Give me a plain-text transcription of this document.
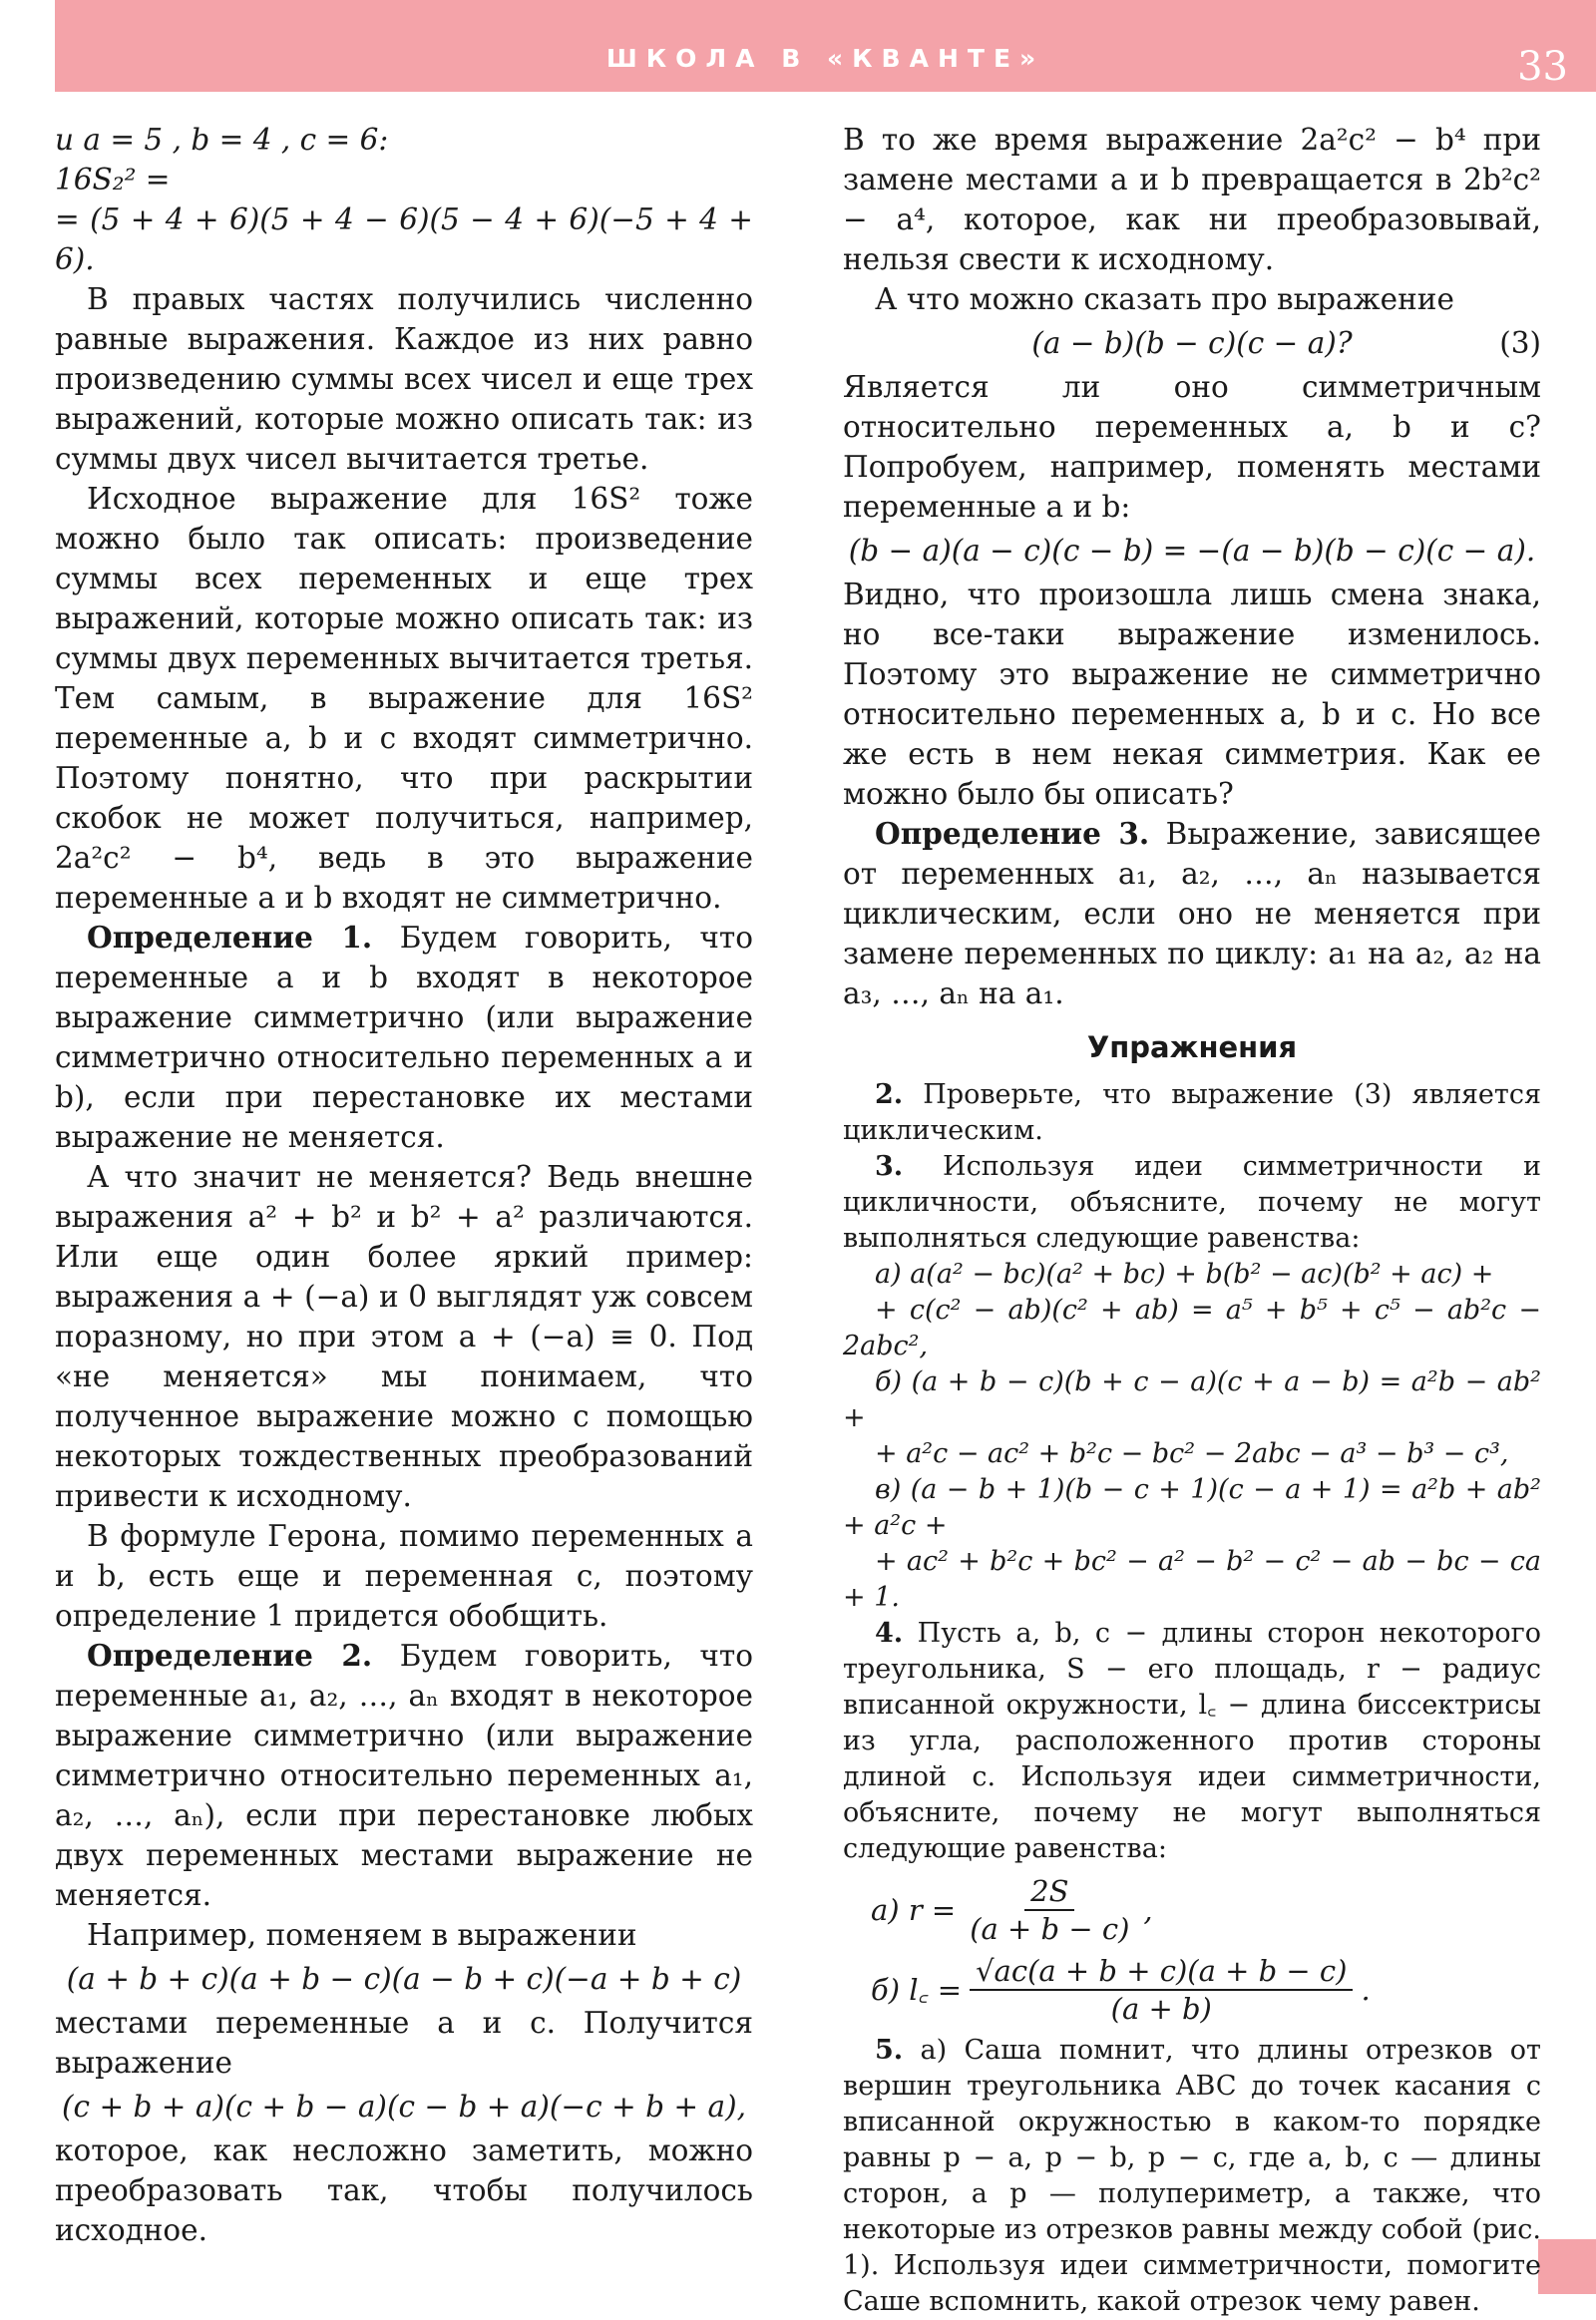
ШКОЛА В «КВАНТЕ»	33

и a = 5 , b = 4 , c = 6:

16S₂² =

= (5 + 4 + 6)(5 + 4 − 6)(5 − 4 + 6)(−5 + 4 + 6).

В правых частях получились численно равные выражения. Каждое из них равно произведению суммы всех чисел и еще трех выражений, которые можно описать так: из суммы двух чисел вычитается третье.

Исходное выражение для 16S² тоже можно было так описать: произведение суммы всех переменных и еще трех выражений, которые можно описать так: из суммы двух переменных вычитается третья. Тем самым, в выражение для 16S² переменные a, b и c входят симметрично. Поэтому понятно, что при раскрытии скобок не может получиться, например, 2a²c² − b⁴, ведь в это выражение переменные a и b входят не симметрично.

Определение 1. Будем говорить, что переменные a и b входят в некоторое выражение симметрично (или выражение симметрично относительно переменных a и b), если при перестановке их местами выражение не меняется.

А что значит не меняется? Ведь внешне выражения a² + b² и b² + a² различаются. Или еще один более яркий пример: выражения a + (−a) и 0 выглядят уж совсем поразному, но при этом a + (−a) ≡ 0. Под «не меняется» мы понимаем, что полученное выражение можно с помощью некоторых тождественных преобразований привести к исходному.

В формуле Герона, помимо переменных a и b, есть еще и переменная c, поэтому определение 1 придется обобщить.

Определение 2. Будем говорить, что переменные a₁, a₂, …, aₙ входят в некоторое выражение симметрично (или выражение симметрично относительно переменных a₁, a₂, …, aₙ), если при перестановке любых двух переменных местами выражение не меняется.

Например, поменяем в выражении

(a + b + c)(a + b − c)(a − b + c)(−a + b + c)

местами переменные a и c. Получится выражение

(c + b + a)(c + b − a)(c − b + a)(−c + b + a),

которое, как несложно заметить, можно преобразовать так, чтобы получилось исходное.

В то же время выражение 2a²c² − b⁴ при замене местами a и b превращается в 2b²c² − a⁴, которое, как ни преобразовывай, нельзя свести к исходному.

А что можно сказать про выражение

(a − b)(b − c)(c − a)?	(3)

Является ли оно симметричным относительно переменных a, b и c? Попробуем, например, поменять местами переменные a и b:

(b − a)(a − c)(c − b) = −(a − b)(b − c)(c − a).

Видно, что произошла лишь смена знака, но все-таки выражение изменилось. Поэтому это выражение не симметрично относительно переменных a, b и c. Но все же есть в нем некая симметрия. Как ее можно было бы описать?

Определение 3. Выражение, зависящее от переменных a₁, a₂, …, aₙ называется циклическим, если оно не меняется при замене переменных по циклу: a₁ на a₂, a₂ на a₃, …, aₙ на a₁.

Упражнения

2. Проверьте, что выражение (3) является циклическим.

3. Используя идеи симметричности и цикличности, объясните, почему не могут выполняться следующие равенства:

а) a(a² − bc)(a² + bc) + b(b² − ac)(b² + ac) +

+ c(c² − ab)(c² + ab) = a⁵ + b⁵ + c⁵ − ab²c − 2abc²,

б) (a + b − c)(b + c − a)(c + a − b) = a²b − ab² +

+ a²c − ac² + b²c − bc² − 2abc − a³ − b³ − c³,

в) (a − b + 1)(b − c + 1)(c − a + 1) = a²b + ab² + a²c +

+ ac² + b²c + bc² − a² − b² − c² − ab − bc − ca + 1.

4. Пусть a, b, c − длины сторон некоторого треугольника, S − его площадь, r − радиус вписанной окружности, l꜀ − длина биссектрисы из угла, расположенного против стороны длиной c. Используя идеи симметричности, объясните, почему не могут выполняться следующие равенства:

а) $r = \frac{2S}{(a + b - c)}$ ,
б) l꜀ = $\frac{√ac(a + b + c)(a + b - c)}{(a + b)}$ .

5. а) Саша помнит, что длины отрезков от вершин треугольника ABC до точек касания с вписанной окружностью в каком-то порядке равны p − a, p − b, p − c, где a, b, c — длины сторон, а p — полупериметр, а также, что некоторые из отрезков равны между собой (рис. 1). Используя идеи симметричности, помогите Саше вспомнить, какой отрезок чему равен.
